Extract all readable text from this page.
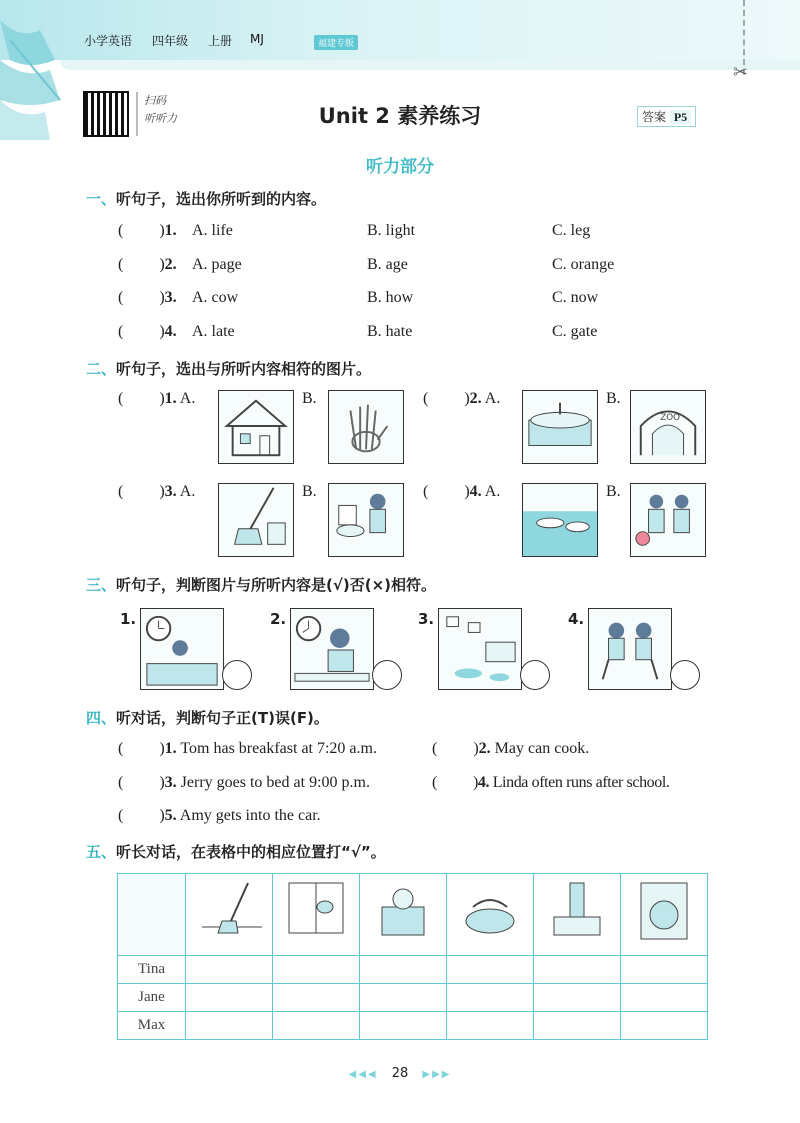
小学英语 四年级 上册 MJ	福建专版
✂
扫码
听听力	Unit 2 素养练习	答案 P5
听力部分
一、听句子，选出你所听到的内容。
( )1. A. life	B. light	C. leg
( )2. A. page	B. age	C. orange
( )3. A. cow	B. how	C. now
( )4. A. late	B. hate	C. gate
二、听句子，选出与所听内容相符的图片。
( )1. A.	B.	( )2. A.	B.
ZOO
( )3. A.	B.	( )4. A.	B.
三、听句子，判断图片与所听内容是(√)否(×)相符。
1.	2.	3.	4.
四、听对话，判断句子正(T)误(F)。
( )1. Tom has breakfast at 7:20 a.m.	( )2. May can cook.
( )3. Jerry goes to bed at 9:00 p.m.	( )4. Linda often runs after school.
( )5. Amy gets into the car.
五、听长对话，在表格中的相应位置打“√”。

Tina						
Jane						
Max						
◀◀◀ 28 ▶▶▶
